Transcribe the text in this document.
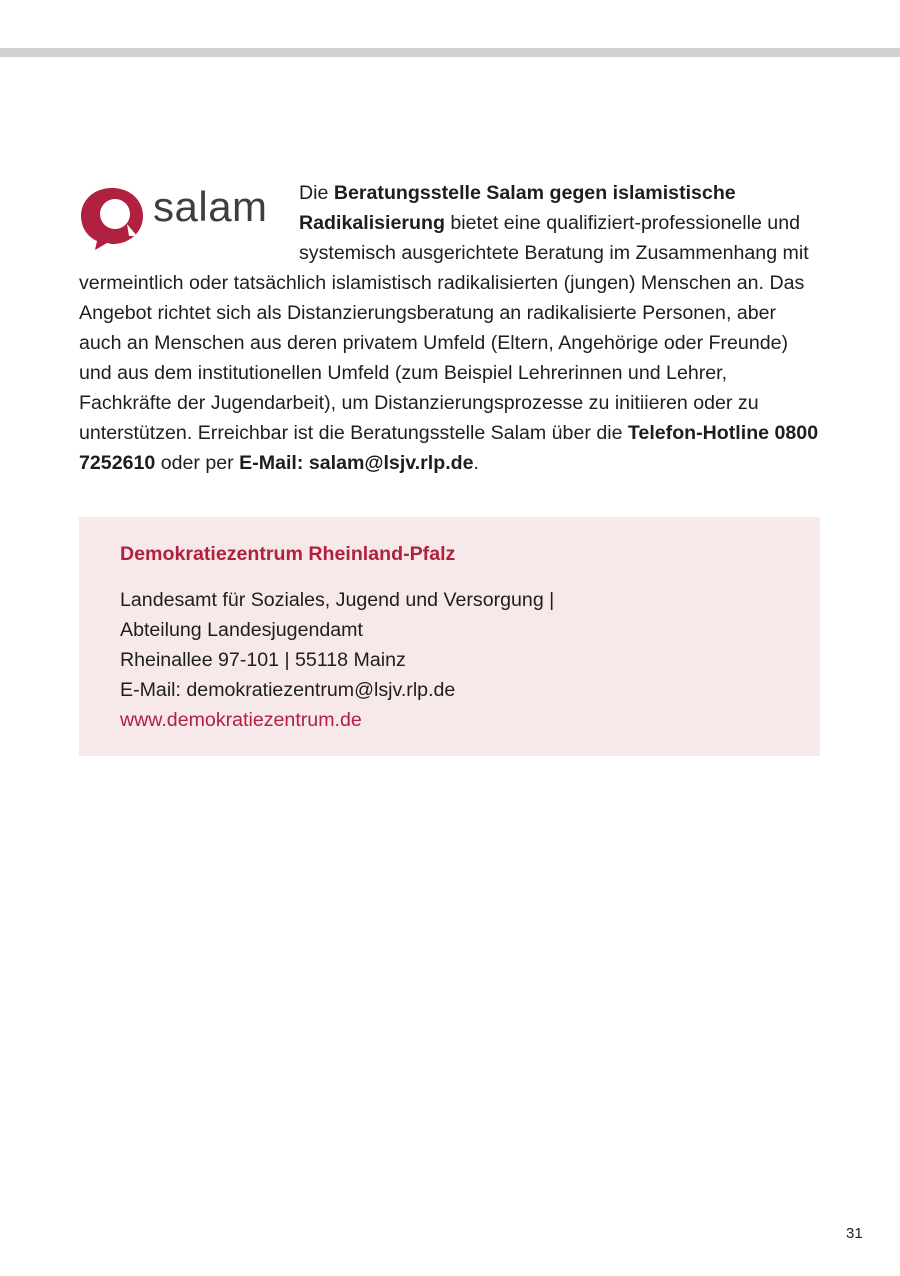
salam	Die Beratungsstelle Salam gegen islamistische Radikalisierung bietet eine qualifiziert-professionelle und systemisch ausgerichtete Beratung im Zusammenhang mit vermeintlich oder tatsächlich islamistisch radikalisierten (jungen) Menschen an. Das Angebot richtet sich als Distanzierungsberatung an radikalisierte Personen, aber auch an Menschen aus deren privatem Umfeld (Eltern, Angehörige oder Freunde) und aus dem institutionellen Umfeld (zum Beispiel Lehrerinnen und Lehrer, Fachkräfte der Jugendarbeit), um Distanzierungsprozesse zu initiieren oder zu unterstützen. Erreichbar ist die Beratungsstelle Salam über die Telefon-Hotline 0800 7252610 oder per E-Mail: salam@lsjv.rlp.de.

Demokratiezentrum Rheinland-Pfalz

Landesamt für Soziales, Jugend und Versorgung |

Abteilung Landesjugendamt

Rheinallee 97-101 | 55118 Mainz

E-Mail: demokratiezentrum@lsjv.rlp.de

www.demokratiezentrum.de

31
